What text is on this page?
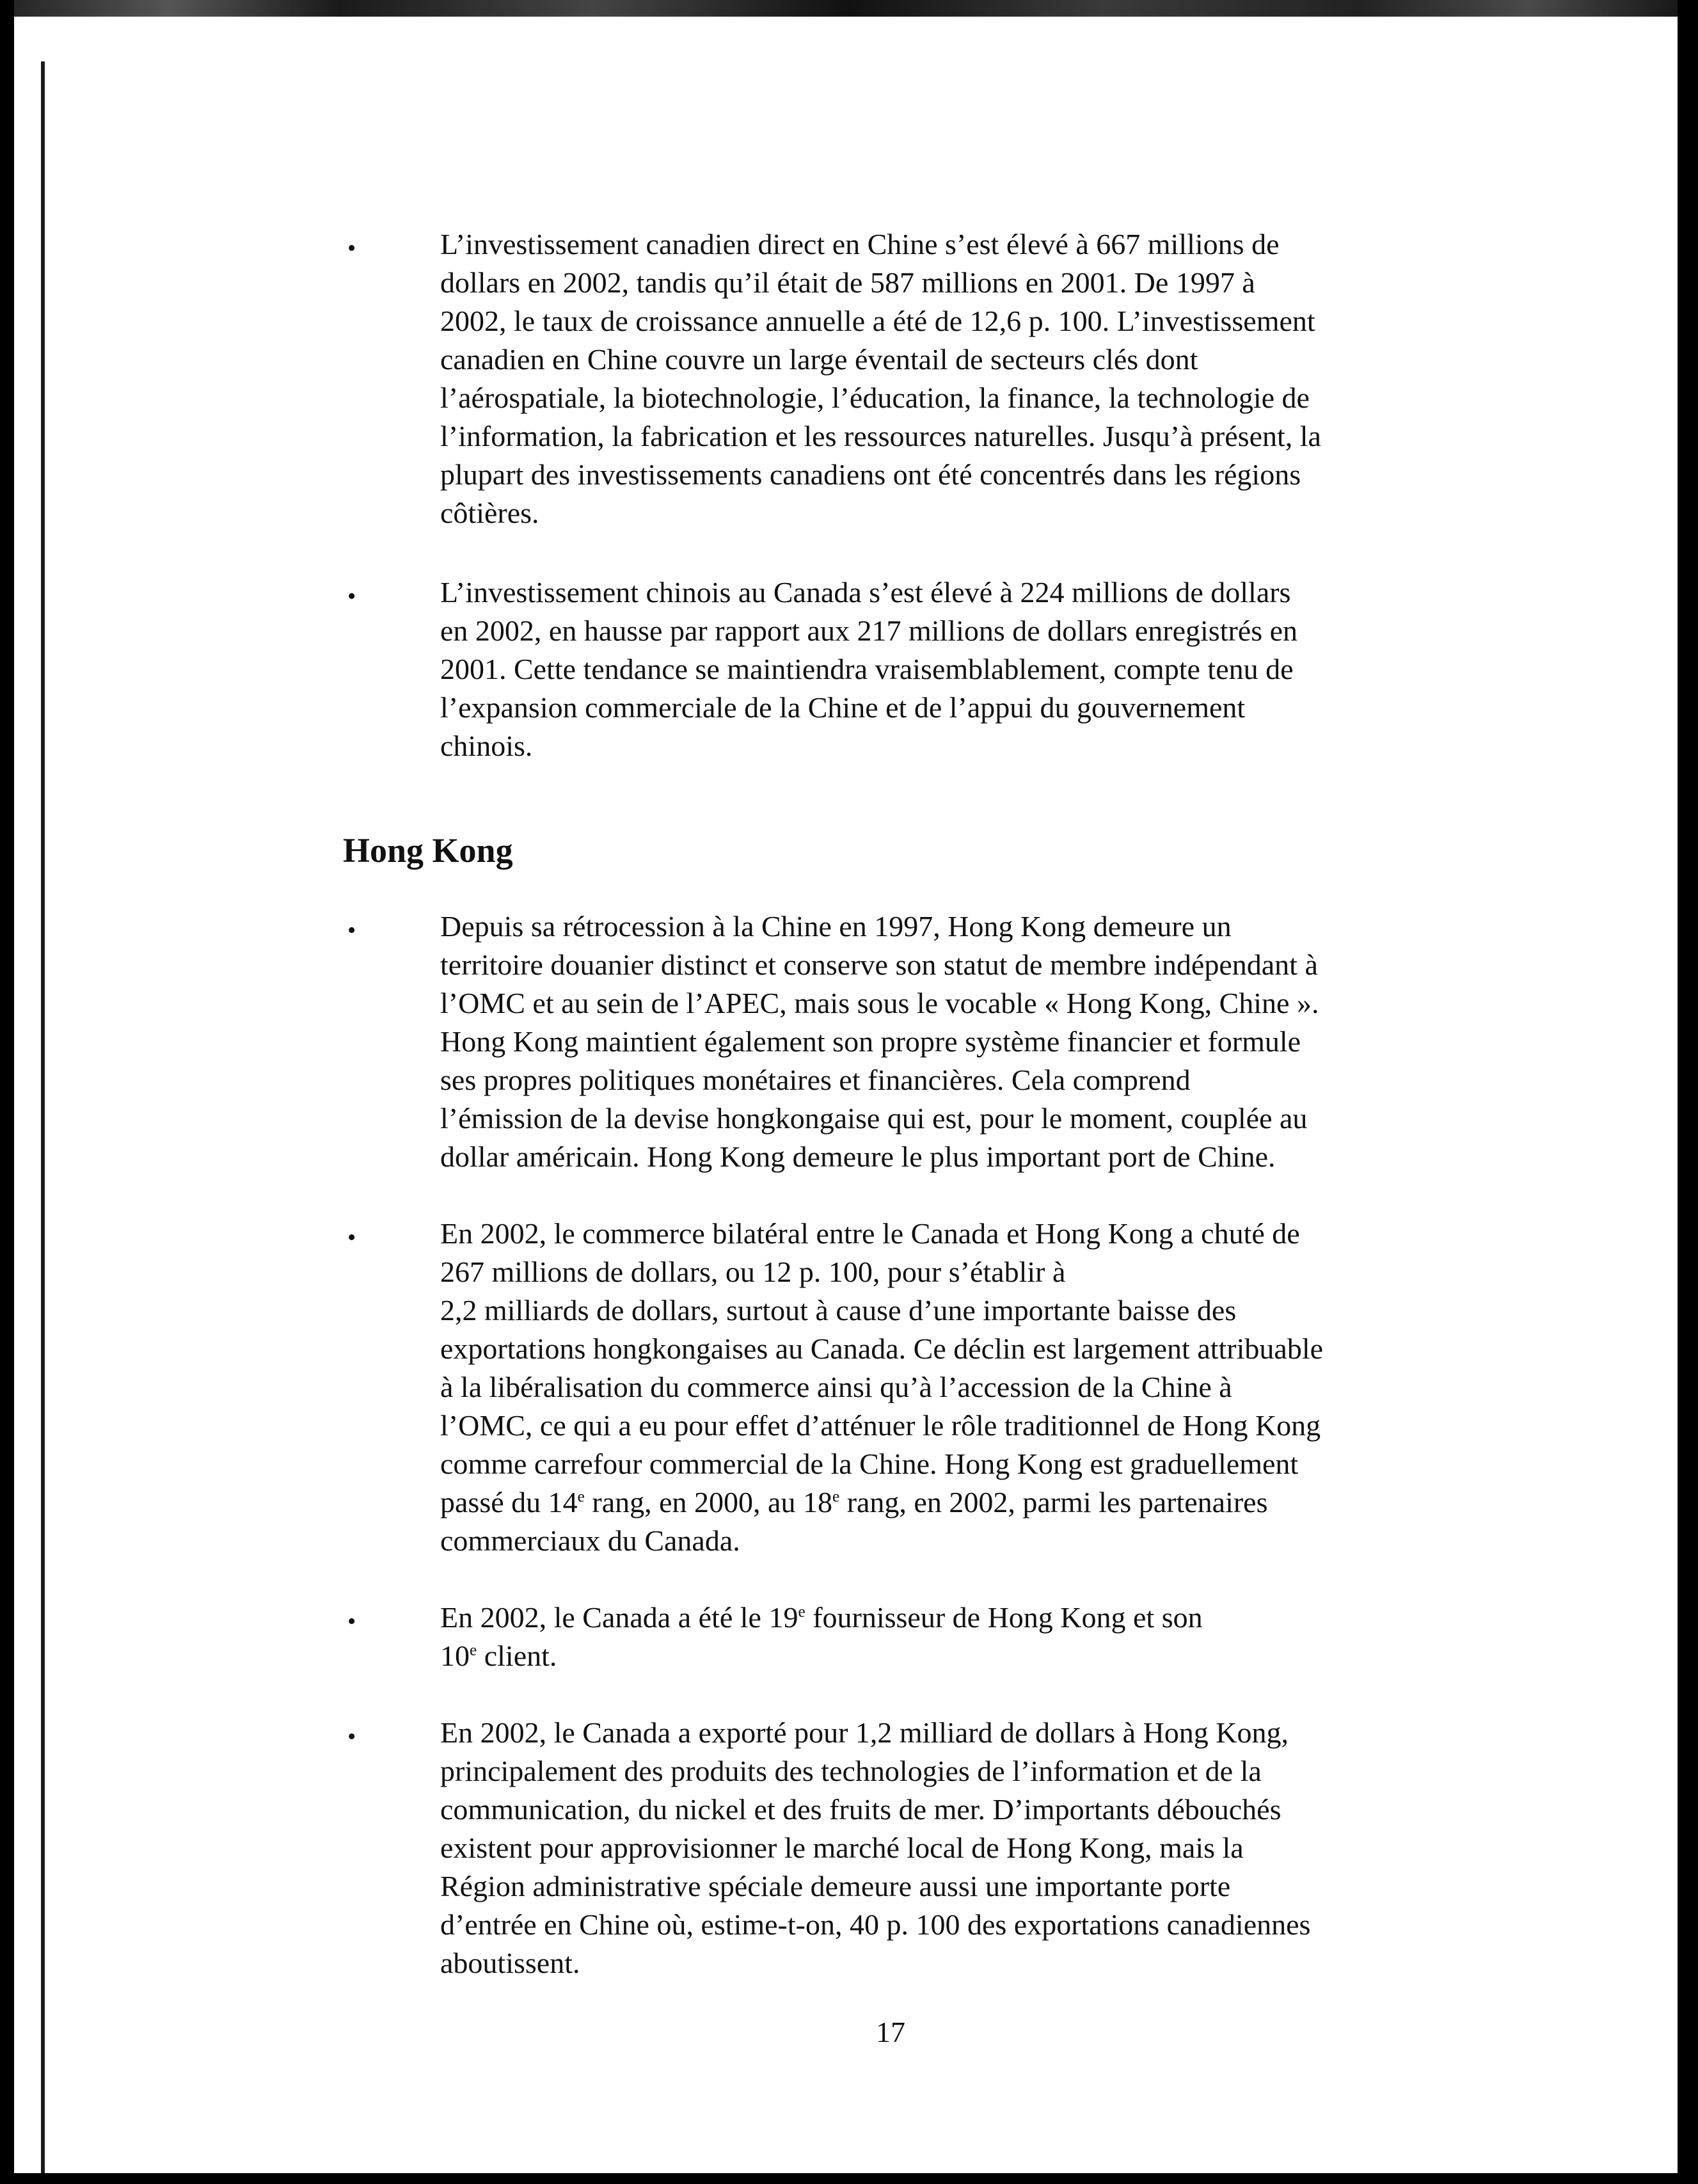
•	L’investissement canadien direct en Chine s’est élevé à 667 millions de
dollars en 2002, tandis qu’il était de 587 millions en 2001. De 1997 à
2002, le taux de croissance annuelle a été de 12,6 p. 100. L’investissement
canadien en Chine couvre un large éventail de secteurs clés dont
l’aérospatiale, la biotechnologie, l’éducation, la finance, la technologie de
l’information, la fabrication et les ressources naturelles. Jusqu’à présent, la
plupart des investissements canadiens ont été concentrés dans les régions
côtières.
•	L’investissement chinois au Canada s’est élevé à 224 millions de dollars
en 2002, en hausse par rapport aux 217 millions de dollars enregistrés en
2001. Cette tendance se maintiendra vraisemblablement, compte tenu de
l’expansion commerciale de la Chine et de l’appui du gouvernement
chinois.
Hong Kong
•	Depuis sa rétrocession à la Chine en 1997, Hong Kong demeure un
territoire douanier distinct et conserve son statut de membre indépendant à
l’OMC et au sein de l’APEC, mais sous le vocable « Hong Kong, Chine ».
Hong Kong maintient également son propre système financier et formule
ses propres politiques monétaires et financières. Cela comprend
l’émission de la devise hongkongaise qui est, pour le moment, couplée au
dollar américain. Hong Kong demeure le plus important port de Chine.
•	En 2002, le commerce bilatéral entre le Canada et Hong Kong a chuté de
267 millions de dollars, ou 12 p. 100, pour s’établir à
2,2 milliards de dollars, surtout à cause d’une importante baisse des
exportations hongkongaises au Canada. Ce déclin est largement attribuable
à la libéralisation du commerce ainsi qu’à l’accession de la Chine à
l’OMC, ce qui a eu pour effet d’atténuer le rôle traditionnel de Hong Kong
comme carrefour commercial de la Chine. Hong Kong est graduellement
passé du 14e rang, en 2000, au 18e rang, en 2002, parmi les partenaires
commerciaux du Canada.
•	En 2002, le Canada a été le 19e fournisseur de Hong Kong et son
10e client.
•	En 2002, le Canada a exporté pour 1,2 milliard de dollars à Hong Kong,
principalement des produits des technologies de l’information et de la
communication, du nickel et des fruits de mer. D’importants débouchés
existent pour approvisionner le marché local de Hong Kong, mais la
Région administrative spéciale demeure aussi une importante porte
d’entrée en Chine où, estime-t-on, 40 p. 100 des exportations canadiennes
aboutissent.
17
